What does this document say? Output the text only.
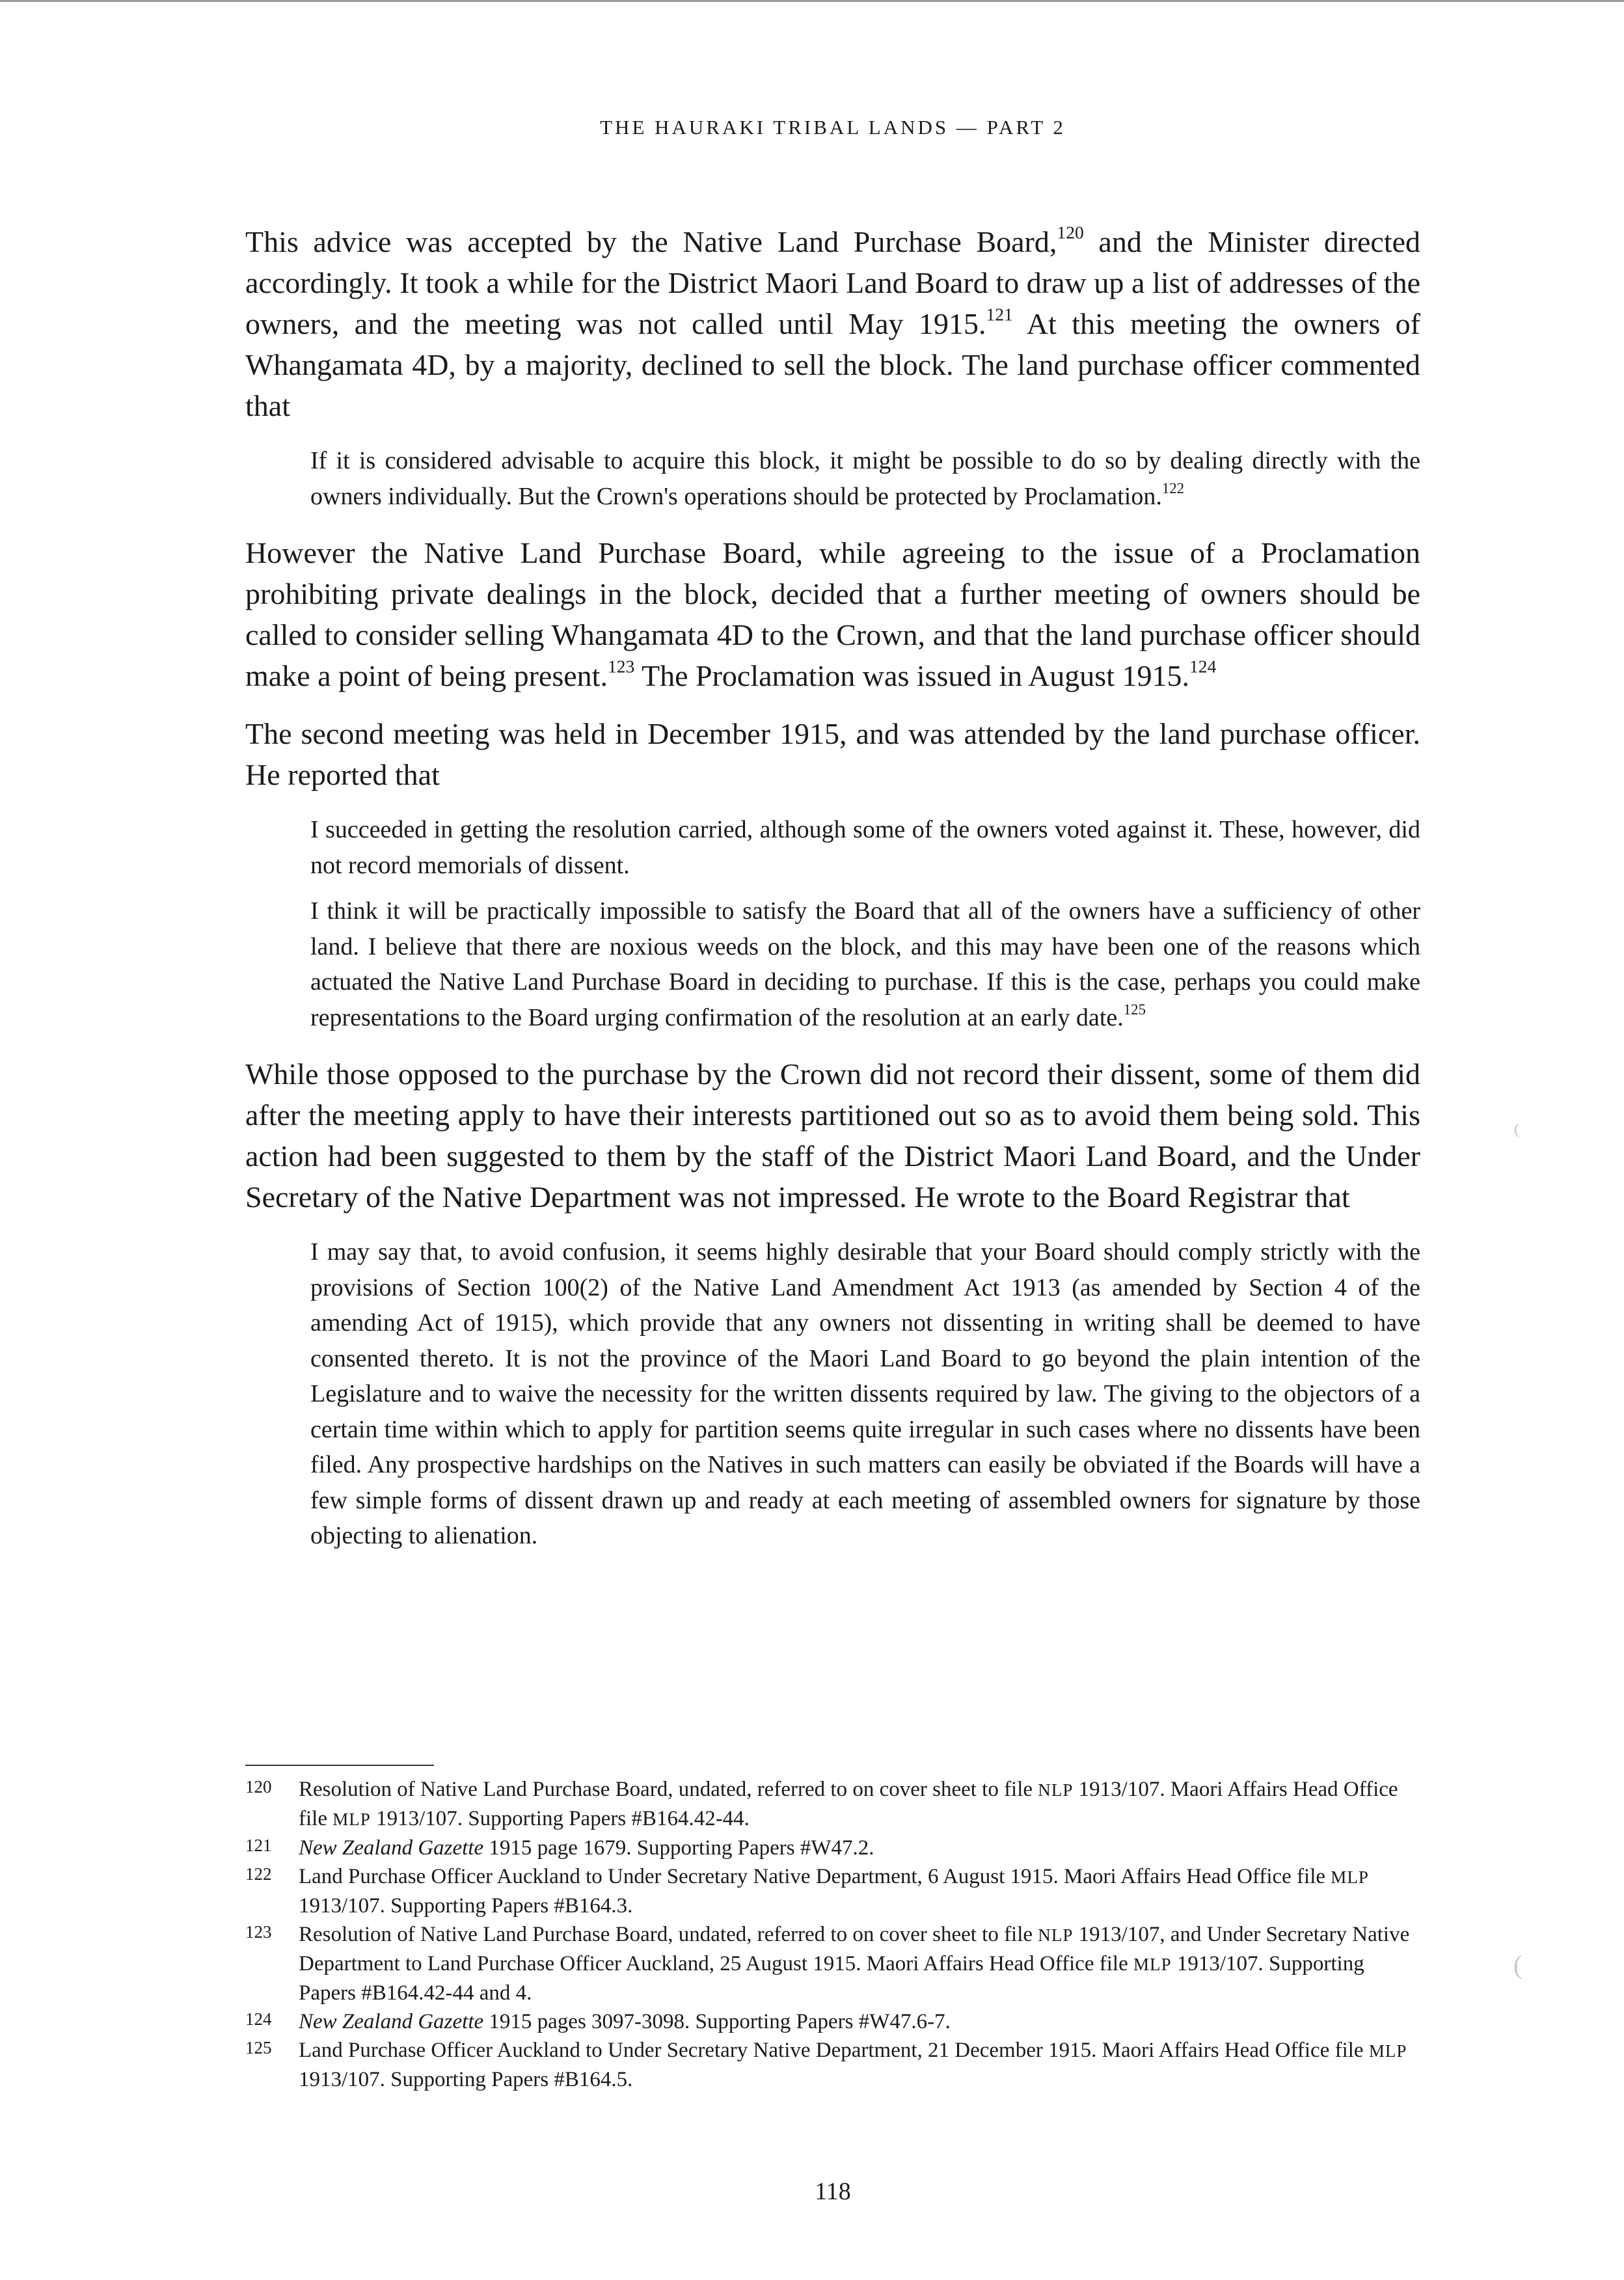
THE HAURAKI TRIBAL LANDS — PART 2

This advice was accepted by the Native Land Purchase Board,$^{120}$ and the Minister directed accordingly. It took a while for the District Maori Land Board to draw up a list of addresses of the owners, and the meeting was not called until May 1915.$^{121}$ At this meeting the owners of Whangamata 4D, by a majority, declined to sell the block. The land purchase officer commented that

If it is considered advisable to acquire this block, it might be possible to do so by dealing directly with the owners individually. But the Crown's operations should be protected by Proclamation.$^{122}$

However the Native Land Purchase Board, while agreeing to the issue of a Proclamation prohibiting private dealings in the block, decided that a further meeting of owners should be called to consider selling Whangamata 4D to the Crown, and that the land purchase officer should make a point of being present.$^{123}$ The Proclamation was issued in August 1915.$^{124}$

The second meeting was held in December 1915, and was attended by the land purchase officer. He reported that

I succeeded in getting the resolution carried, although some of the owners voted against it. These, however, did not record memorials of dissent.

I think it will be practically impossible to satisfy the Board that all of the owners have a sufficiency of other land. I believe that there are noxious weeds on the block, and this may have been one of the reasons which actuated the Native Land Purchase Board in deciding to purchase. If this is the case, perhaps you could make representations to the Board urging confirmation of the resolution at an early date.$^{125}$

While those opposed to the purchase by the Crown did not record their dissent, some of them did after the meeting apply to have their interests partitioned out so as to avoid them being sold. This action had been suggested to them by the staff of the District Maori Land Board, and the Under Secretary of the Native Department was not impressed. He wrote to the Board Registrar that

I may say that, to avoid confusion, it seems highly desirable that your Board should comply strictly with the provisions of Section 100(2) of the Native Land Amendment Act 1913 (as amended by Section 4 of the amending Act of 1915), which provide that any owners not dissenting in writing shall be deemed to have consented thereto. It is not the province of the Maori Land Board to go beyond the plain intention of the Legislature and to waive the necessity for the written dissents required by law. The giving to the objectors of a certain time within which to apply for partition seems quite irregular in such cases where no dissents have been filed. Any prospective hardships on the Natives in such matters can easily be obviated if the Boards will have a few simple forms of dissent drawn up and ready at each meeting of assembled owners for signature by those objecting to alienation.

120	Resolution of Native Land Purchase Board, undated, referred to on cover sheet to file NLP 1913/107. Maori Affairs Head Office file MLP 1913/107. Supporting Papers #B164.42-44.
121	New Zealand Gazette 1915 page 1679. Supporting Papers #W47.2.
122	Land Purchase Officer Auckland to Under Secretary Native Department, 6 August 1915. Maori Affairs Head Office file MLP 1913/107. Supporting Papers #B164.3.
123	Resolution of Native Land Purchase Board, undated, referred to on cover sheet to file NLP 1913/107, and Under Secretary Native Department to Land Purchase Officer Auckland, 25 August 1915. Maori Affairs Head Office file MLP 1913/107. Supporting Papers #B164.42-44 and 4.
124	New Zealand Gazette 1915 pages 3097-3098. Supporting Papers #W47.6-7.
125	Land Purchase Officer Auckland to Under Secretary Native Department, 21 December 1915. Maori Affairs Head Office file MLP 1913/107. Supporting Papers #B164.5.
118
⁽
(
